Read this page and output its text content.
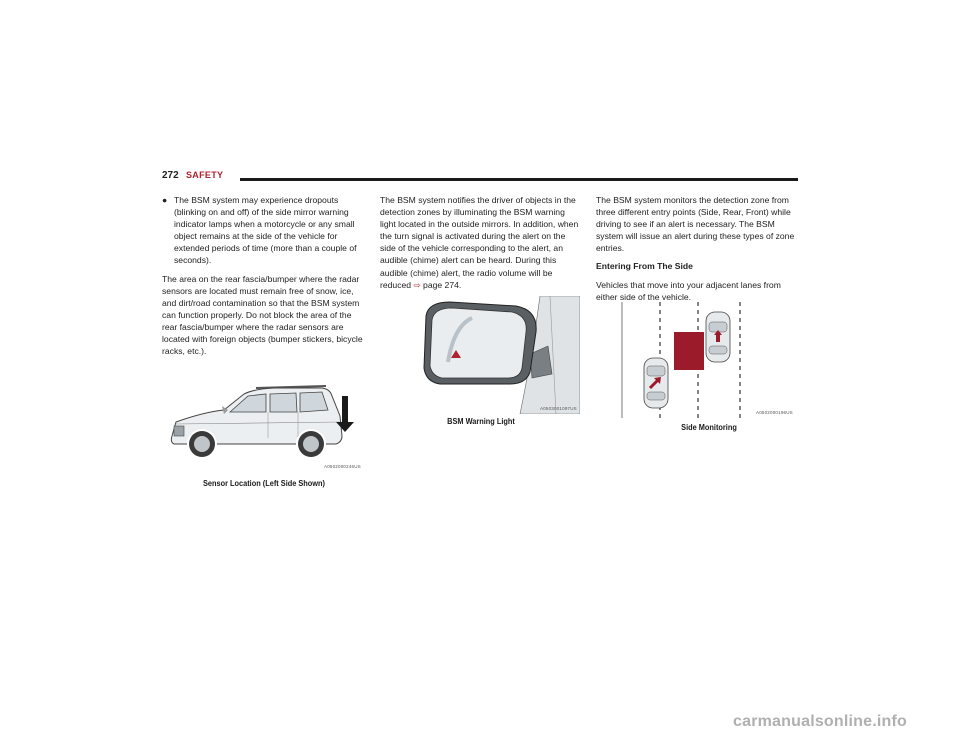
272 SAFETY
● The BSM system may experience dropouts (blinking on and off) of the side mirror warning indicator lamps when a motorcycle or any small object remains at the side of the vehicle for extended periods of time (more than a couple of seconds).

The area on the rear fascia/bumper where the radar sensors are located must remain free of snow, ice, and dirt/road contamination so that the BSM system can function properly. Do not block the area of the rear fascia/bumper where the radar sensors are located with foreign objects (bumper stickers, bicycle racks, etc.).

A0502000246US
Sensor Location (Left Side Shown)

The BSM system notifies the driver of objects in the detection zones by illuminating the BSM warning light located in the outside mirrors. In addition, when the turn signal is activated during the alert on the side of the vehicle corresponding to the alert, an audible (chime) alert can be heard. During this audible (chime) alert, the radio volume will be reduced ⇨ page 274.

A0503001097US
BSM Warning Light

The BSM system monitors the detection zone from three different entry points (Side, Rear, Front) while driving to see if an alert is necessary. The BSM system will issue an alert during these types of zone entries.

Entering From The Side

Vehicles that move into your adjacent lanes from either side of the vehicle.

A0502000196US
Side Monitoring
carmanualsonline.info
